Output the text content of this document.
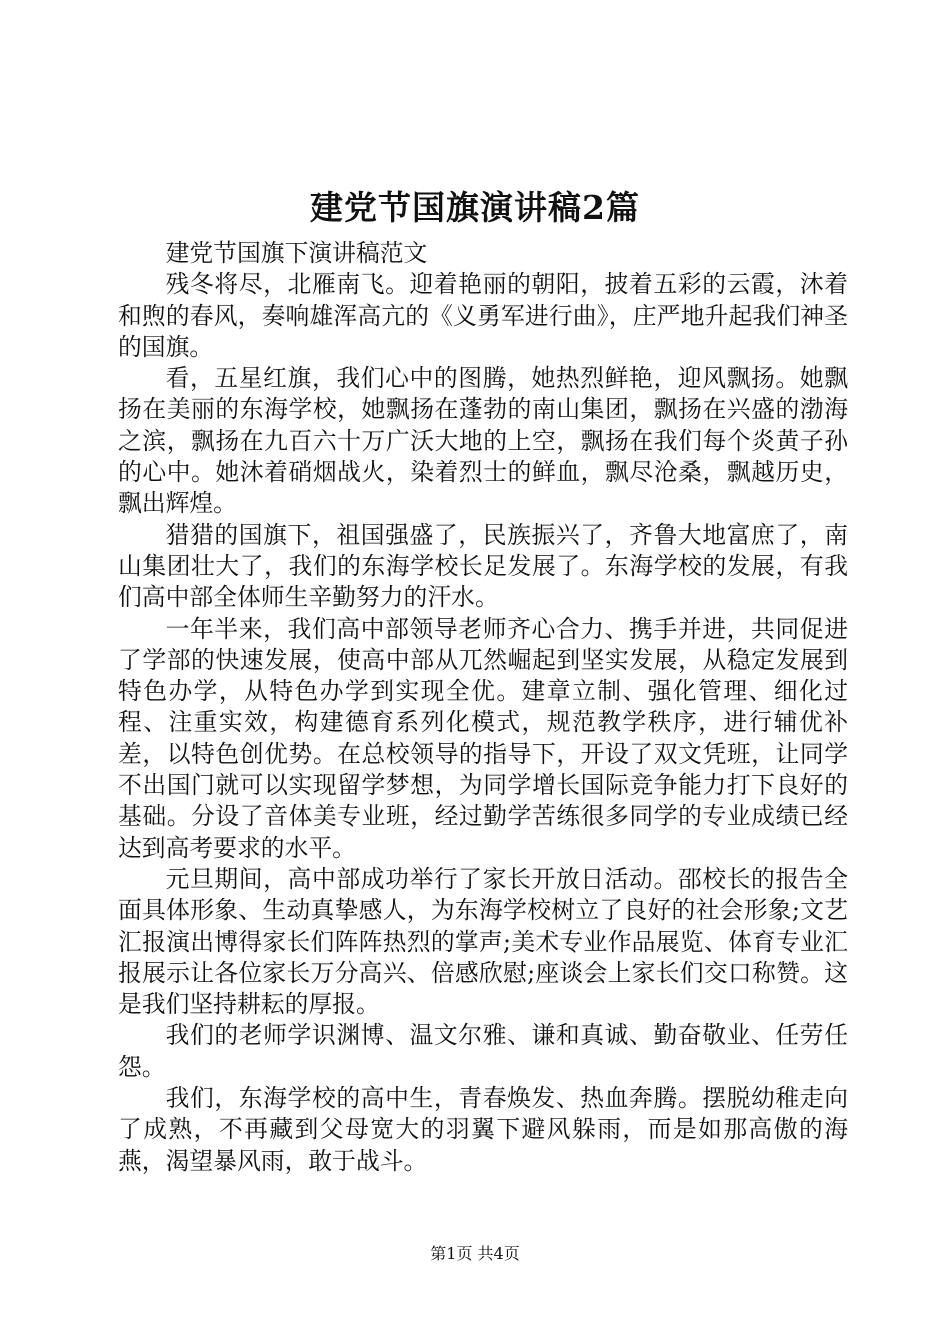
建党节国旗演讲稿2篇

建党节国旗下演讲稿范文

残冬将尽，北雁南飞。迎着艳丽的朝阳，披着五彩的云霞，沐着和煦的春风，奏响雄浑高亢的《义勇军进行曲》，庄严地升起我们神圣的国旗。

看，五星红旗，我们心中的图腾，她热烈鲜艳，迎风飘扬。她飘扬在美丽的东海学校，她飘扬在蓬勃的南山集团，飘扬在兴盛的渤海之滨，飘扬在九百六十万广沃大地的上空，飘扬在我们每个炎黄子孙的心中。她沐着硝烟战火，染着烈士的鲜血，飘尽沧桑，飘越历史，飘出辉煌。

猎猎的国旗下，祖国强盛了，民族振兴了，齐鲁大地富庶了，南山集团壮大了，我们的东海学校长足发展了。东海学校的发展，有我们高中部全体师生辛勤努力的汗水。

一年半来，我们高中部领导老师齐心合力、携手并进，共同促进了学部的快速发展，使高中部从兀然崛起到坚实发展，从稳定发展到特色办学，从特色办学到实现全优。建章立制、强化管理、细化过程、注重实效，构建德育系列化模式，规范教学秩序，进行辅优补差，以特色创优势。在总校领导的指导下，开设了双文凭班，让同学不出国门就可以实现留学梦想，为同学增长国际竞争能力打下良好的基础。分设了音体美专业班，经过勤学苦练很多同学的专业成绩已经达到高考要求的水平。

元旦期间，高中部成功举行了家长开放日活动。邵校长的报告全面具体形象、生动真挚感人，为东海学校树立了良好的社会形象;文艺汇报演出博得家长们阵阵热烈的掌声;美术专业作品展览、体育专业汇报展示让各位家长万分高兴、倍感欣慰;座谈会上家长们交口称赞。这是我们坚持耕耘的厚报。

我们的老师学识渊博、温文尔雅、谦和真诚、勤奋敬业、任劳任怨。

我们，东海学校的高中生，青春焕发、热血奔腾。摆脱幼稚走向了成熟，不再藏到父母宽大的羽翼下避风躲雨，而是如那高傲的海燕，渴望暴风雨，敢于战斗。

第1页 共4页
